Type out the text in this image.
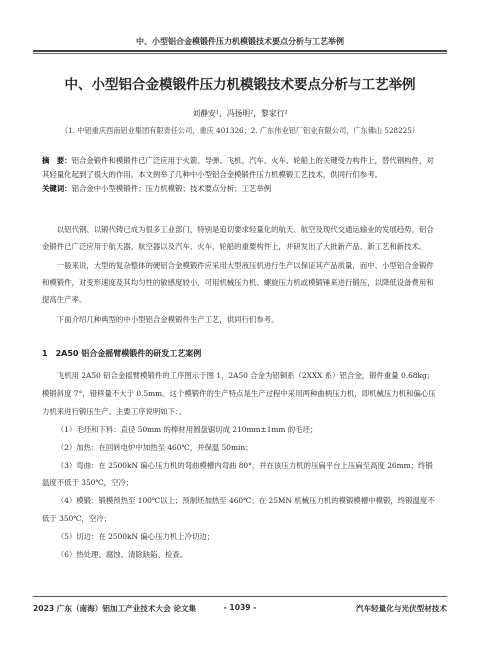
中、小型铝合金模锻件压力机模锻技术要点分析与工艺举例
中、小型铝合金模锻件压力机模锻技术要点分析与工艺举例
刘静安¹，冯扬明²，黎家行²
（1. 中铝重庆西南铝业集团有限责任公司，重庆 401326；2. 广东伟业铝厂铝业有限公司，广东佛山 528225）
摘　要：铝合金锻件和模锻件已广泛应用于火箭、导弹、飞机、汽车、火车、轮船上的关键受力构件上，替代钢构件，对其轻量化起到了很大的作用。本文例举了几种中小型铝合金模锻件压力机模锻工艺技术，供同行们参考。
关键词：铝合金中小型模锻件；压力机模锻；技术要点分析；工艺举例

以铝代钢、以锻代铸已成为很多工业部门，特别是追切要求轻量化的航天、航空及现代交通运输业的发展趋势。铝合金锻件已广泛应用于航天器、航空器以及汽车、火车，轮船的重要构件上，并研发出了大批新产品、新工艺和新技术。

一般来说，大型的复杂整体的硬铝合金模锻件应采用大型液压机进行生产以保证其产品质量，而中、小型铝合金锻件和模锻件，对变形速度及其均匀性的敏感度较小，可用机械压力机、螺旋压力机或模锻锤来进行锻压，以降低设备费用和提高生产率。

下面介绍几种典型的中小型铝合金模锻件生产工艺，供同行们参考。

1　2A50 铝合金摇臂模锻件的研发工艺案例

飞机用 2A50 铝合金摇臂模锻件的工序图示于图 1，2A50 合金为铝铜系（2XXX 系）铝合金，锻件重量 0.68kg；模锻斜度 7°，错移量不大于 0.5mm。这个模锻件的生产特点是生产过程中采用两种曲柄压力机，即机械压力机和偏心压力机来进行锻压生产。主要工序说明如下：。

（1）毛坯和下料：直径 50mm 的棒材用圆盘锯切成 210mm±1mm 的毛坯；

（2）加热：在回转电炉中加热至 460℃，并保温 50min；

（3）弯曲：在 2500kN 偏心压力机的弯曲模槽内弯曲 80°，并在该压力机的压扁平台上压扁至高度 26mm；终锻温度不低于 350℃，空冷；

（4）模锻：锻模预热至 100℃以上；预制坯加热至 460℃；在 25MN 机械压力机的模锻模槽中模锻，终锻温度不低于 350℃，空冷；

（5）切边：在 2500kN 偏心压力机上冷切边；

（6）热处理、腐蚀、清除缺陷、检查。

2023 广东（南海）铝加工产业技术大会 论文集	- 1039 -	汽车轻量化与光伏型材技术
